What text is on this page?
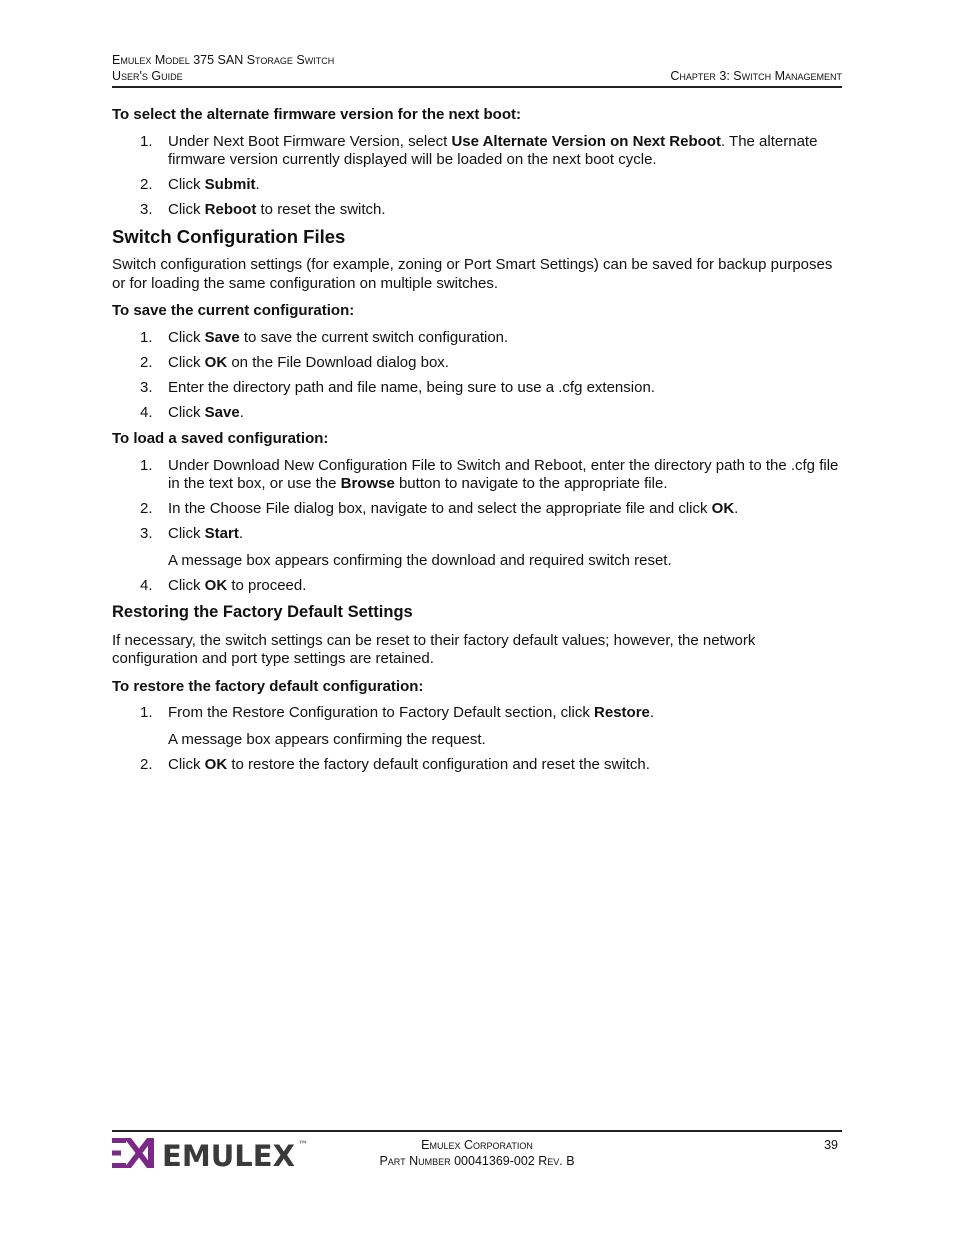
Emulex Model 375 SAN Storage Switch
User's Guide	Chapter 3: Switch Management
To select the alternate firmware version for the next boot:
1. Under Next Boot Firmware Version, select Use Alternate Version on Next Reboot. The alternate firmware version currently displayed will be loaded on the next boot cycle.
2. Click Submit.
3. Click Reboot to reset the switch.
Switch Configuration Files
Switch configuration settings (for example, zoning or Port Smart Settings) can be saved for backup purposes or for loading the same configuration on multiple switches.
To save the current configuration:
1. Click Save to save the current switch configuration.
2. Click OK on the File Download dialog box.
3. Enter the directory path and file name, being sure to use a .cfg extension.
4. Click Save.
To load a saved configuration:
1. Under Download New Configuration File to Switch and Reboot, enter the directory path to the .cfg file in the text box, or use the Browse button to navigate to the appropriate file.
2. In the Choose File dialog box, navigate to and select the appropriate file and click OK.
3. Click Start.
A message box appears confirming the download and required switch reset.
4. Click OK to proceed.
Restoring the Factory Default Settings
If necessary, the switch settings can be reset to their factory default values; however, the network configuration and port type settings are retained.
To restore the factory default configuration:
1. From the Restore Configuration to Factory Default section, click Restore.
A message box appears confirming the request.
2. Click OK to restore the factory default configuration and reset the switch.
EMULEX ™	Emulex Corporation
Part Number 00041369-002 Rev. B
39
